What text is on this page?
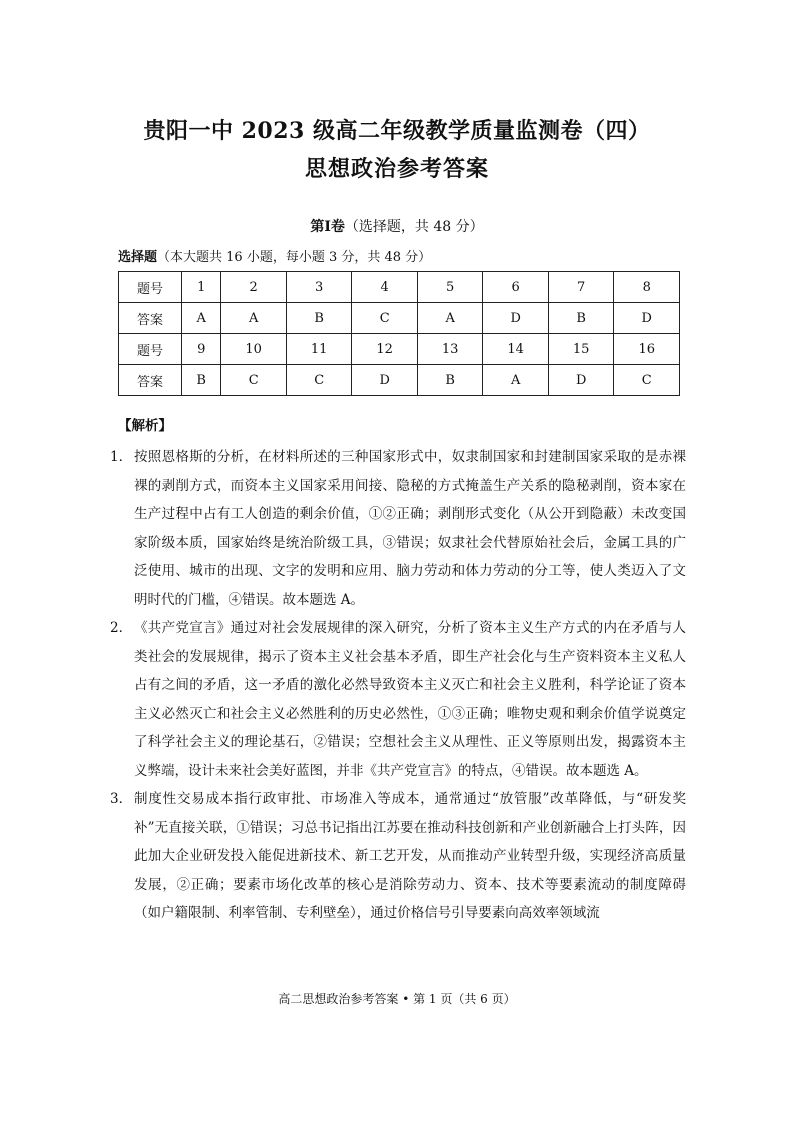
贵阳一中 2023 级高二年级教学质量监测卷（四）
思想政治参考答案
第Ⅰ卷（选择题，共 48 分）
选择题（本大题共 16 小题，每小题 3 分，共 48 分）
题号	1	2	3	4	5	6	7	8
答案	A	A	B	C	A	D	B	D
题号	9	10	11	12	13	14	15	16
答案	B	C	C	D	B	A	D	C
【解析】
1． 按照恩格斯的分析，在材料所述的三种国家形式中，奴隶制国家和封建制国家采取的是赤裸裸的剥削方式，而资本主义国家采用间接、隐秘的方式掩盖生产关系的隐秘剥削，资本家在生产过程中占有工人创造的剩余价值，①②正确；剥削形式变化（从公开到隐蔽）未改变国家阶级本质，国家始终是统治阶级工具，③错误；奴隶社会代替原始社会后，金属工具的广泛使用、城市的出现、文字的发明和应用、脑力劳动和体力劳动的分工等，使人类迈入了文明时代的门槛，④错误。故本题选 A。

2． 《共产党宣言》通过对社会发展规律的深入研究，分析了资本主义生产方式的内在矛盾与人类社会的发展规律，揭示了资本主义社会基本矛盾，即生产社会化与生产资料资本主义私人占有之间的矛盾，这一矛盾的激化必然导致资本主义灭亡和社会主义胜利，科学论证了资本主义必然灭亡和社会主义必然胜利的历史必然性，①③正确；唯物史观和剩余价值学说奠定了科学社会主义的理论基石，②错误；空想社会主义从理性、正义等原则出发，揭露资本主义弊端，设计未来社会美好蓝图，并非《共产党宣言》的特点，④错误。故本题选 A。

3． 制度性交易成本指行政审批、市场准入等成本，通常通过“放管服”改革降低，与“研发奖补”无直接关联，①错误；习总书记指出江苏要在推动科技创新和产业创新融合上打头阵，因此加大企业研发投入能促进新技术、新工艺开发，从而推动产业转型升级，实现经济高质量发展，②正确；要素市场化改革的核心是消除劳动力、资本、技术等要素流动的制度障碍（如户籍限制、利率管制、专利壁垒），通过价格信号引导要素向高效率领域流

高二思想政治参考答案 • 第 1 页（共 6 页）
